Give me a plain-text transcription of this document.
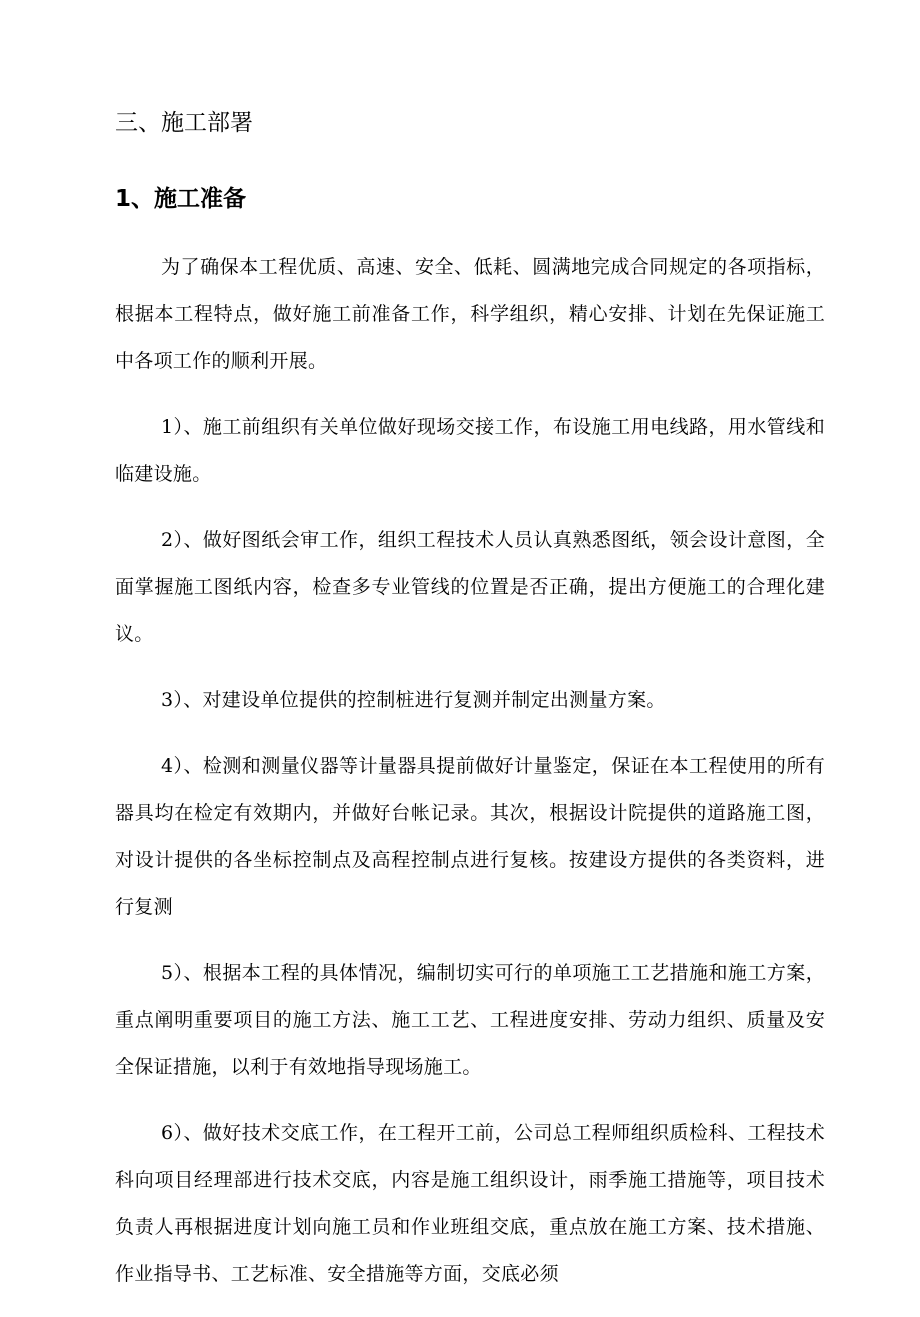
三、施工部署
1、施工准备

为了确保本工程优质、高速、安全、低耗、圆满地完成合同规定的各项指标，根据本工程特点，做好施工前准备工作，科学组织，精心安排、计划在先保证施工中各项工作的顺利开展。

1）、施工前组织有关单位做好现场交接工作，布设施工用电线路，用水管线和临建设施。

2）、做好图纸会审工作，组织工程技术人员认真熟悉图纸，领会设计意图，全面掌握施工图纸内容，检查多专业管线的位置是否正确，提出方便施工的合理化建议。

3）、对建设单位提供的控制桩进行复测并制定出测量方案。

4）、检测和测量仪器等计量器具提前做好计量鉴定，保证在本工程使用的所有器具均在检定有效期内，并做好台帐记录。其次，根据设计院提供的道路施工图，对设计提供的各坐标控制点及高程控制点进行复核。按建设方提供的各类资料，进行复测

5）、根据本工程的具体情况，编制切实可行的单项施工工艺措施和施工方案，重点阐明重要项目的施工方法、施工工艺、工程进度安排、劳动力组织、质量及安全保证措施，以利于有效地指导现场施工。

6）、做好技术交底工作，在工程开工前，公司总工程师组织质检科、工程技术科向项目经理部进行技术交底，内容是施工组织设计，雨季施工措施等，项目技术负责人再根据进度计划向施工员和作业班组交底，重点放在施工方案、技术措施、作业指导书、工艺标准、安全措施等方面，交底必须
